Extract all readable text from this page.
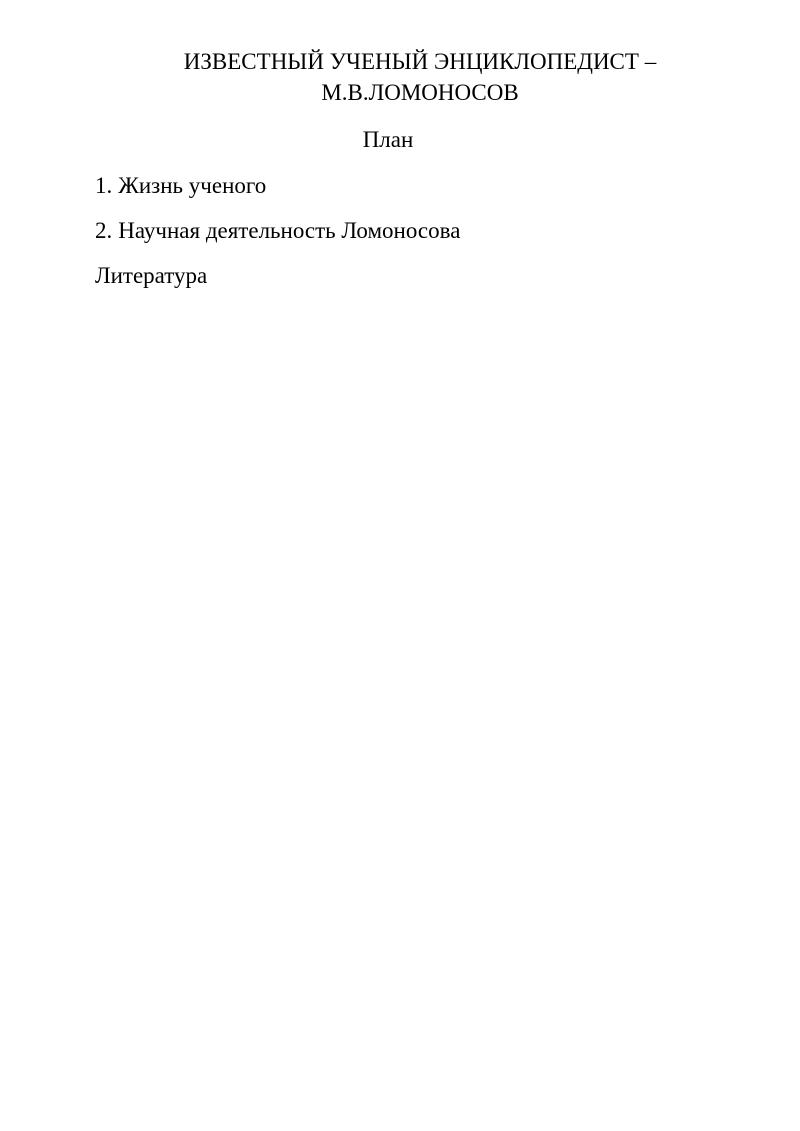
ИЗВЕСТНЫЙ УЧЕНЫЙ ЭНЦИКЛОПЕДИСТ –
М.В.ЛОМОНОСОВ
План
1. Жизнь ученого
2. Научная деятельность Ломоносова

Литература
